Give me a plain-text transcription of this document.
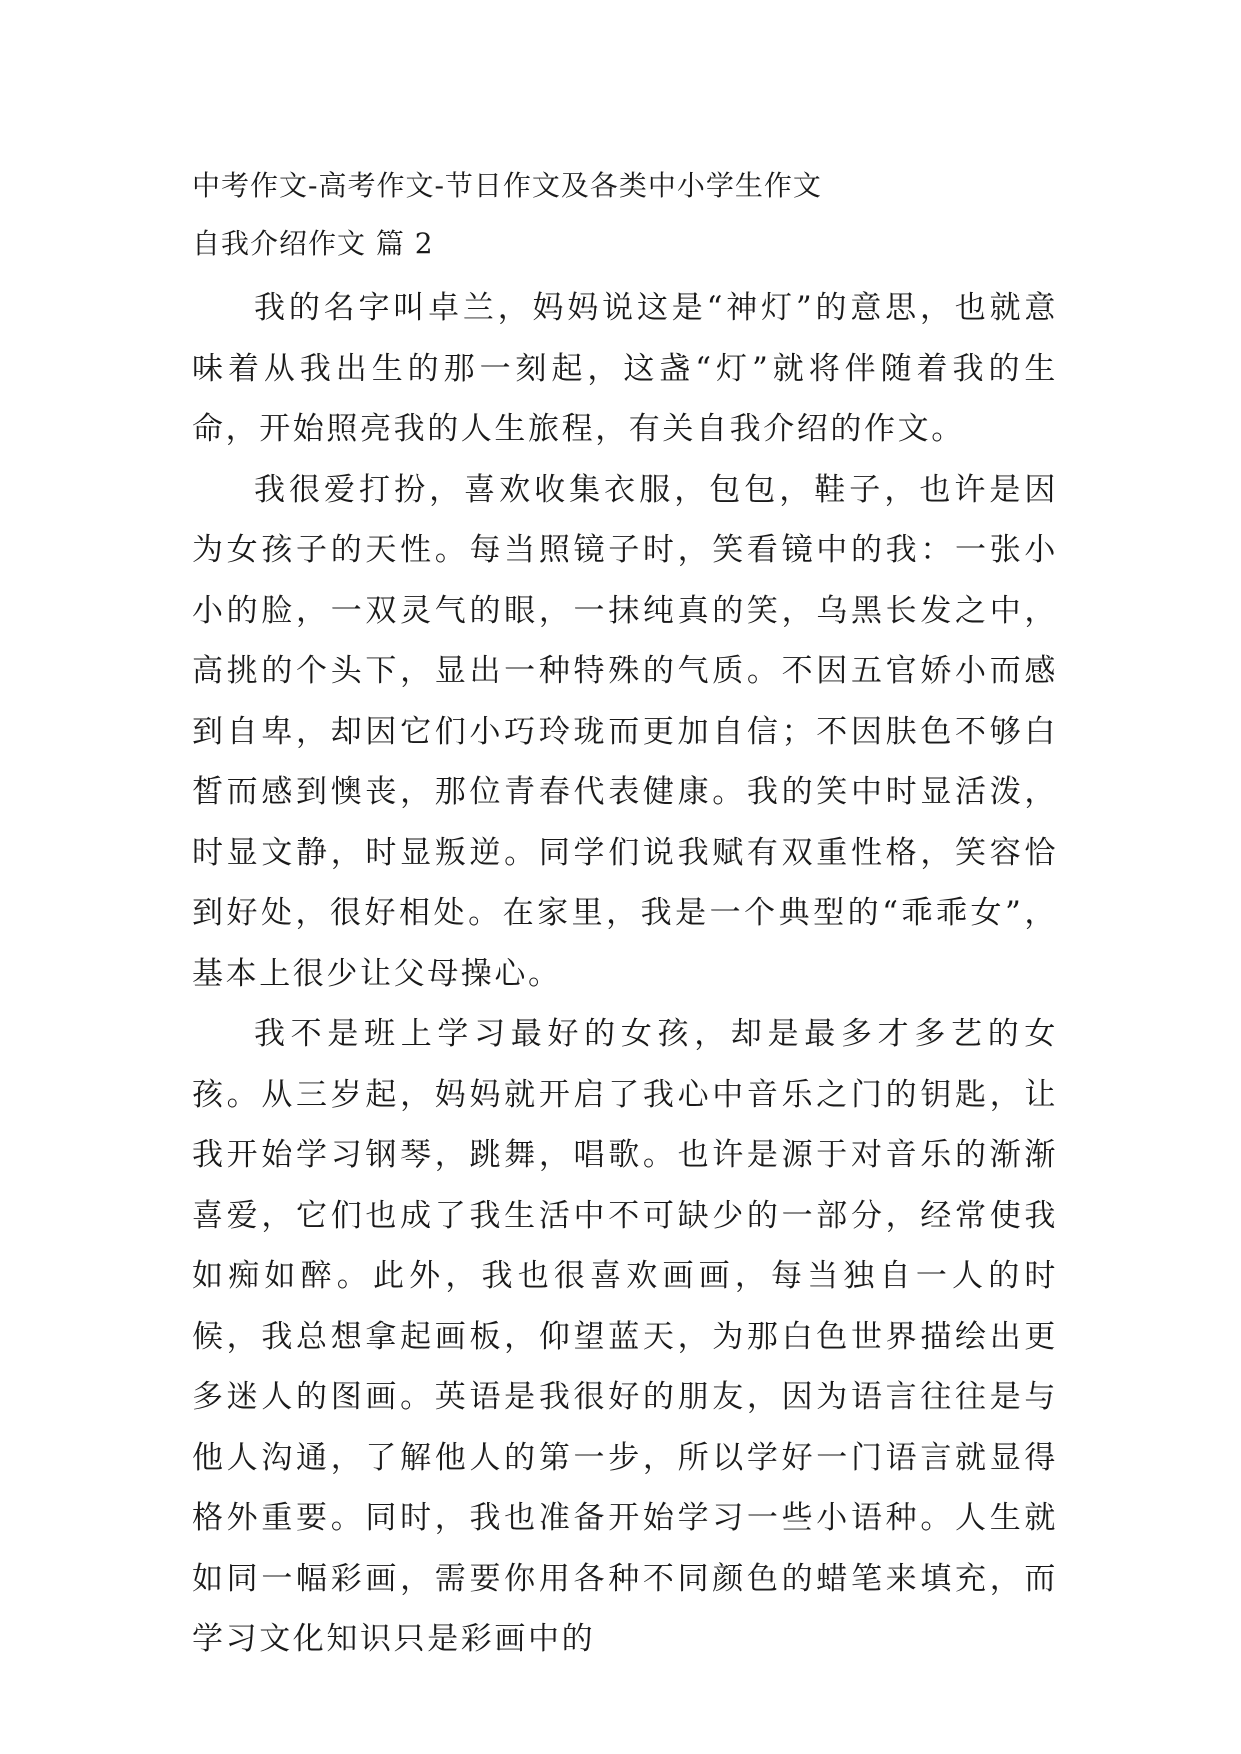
中考作文-高考作文-节日作文及各类中小学生作文
自我介绍作文 篇 2

我的名字叫卓兰，妈妈说这是“神灯”的意思，也就意味着从我出生的那一刻起，这盏“灯”就将伴随着我的生命，开始照亮我的人生旅程，有关自我介绍的作文。

我很爱打扮，喜欢收集衣服，包包，鞋子，也许是因为女孩子的天性。每当照镜子时，笑看镜中的我：一张小小的脸，一双灵气的眼，一抹纯真的笑，乌黑长发之中，高挑的个头下，显出一种特殊的气质。不因五官娇小而感到自卑，却因它们小巧玲珑而更加自信；不因肤色不够白皙而感到懊丧，那位青春代表健康。我的笑中时显活泼，时显文静，时显叛逆。同学们说我赋有双重性格，笑容恰到好处，很好相处。在家里，我是一个典型的“乖乖女”，基本上很少让父母操心。

我不是班上学习最好的女孩，却是最多才多艺的女孩。从三岁起，妈妈就开启了我心中音乐之门的钥匙，让我开始学习钢琴，跳舞，唱歌。也许是源于对音乐的渐渐喜爱，它们也成了我生活中不可缺少的一部分，经常使我如痴如醉。此外，我也很喜欢画画，每当独自一人的时候，我总想拿起画板，仰望蓝天，为那白色世界描绘出更多迷人的图画。英语是我很好的朋友，因为语言往往是与他人沟通，了解他人的第一步，所以学好一门语言就显得格外重要。同时，我也准备开始学习一些小语种。人生就如同一幅彩画，需要你用各种不同颜色的蜡笔来填充，而学习文化知识只是彩画中的
